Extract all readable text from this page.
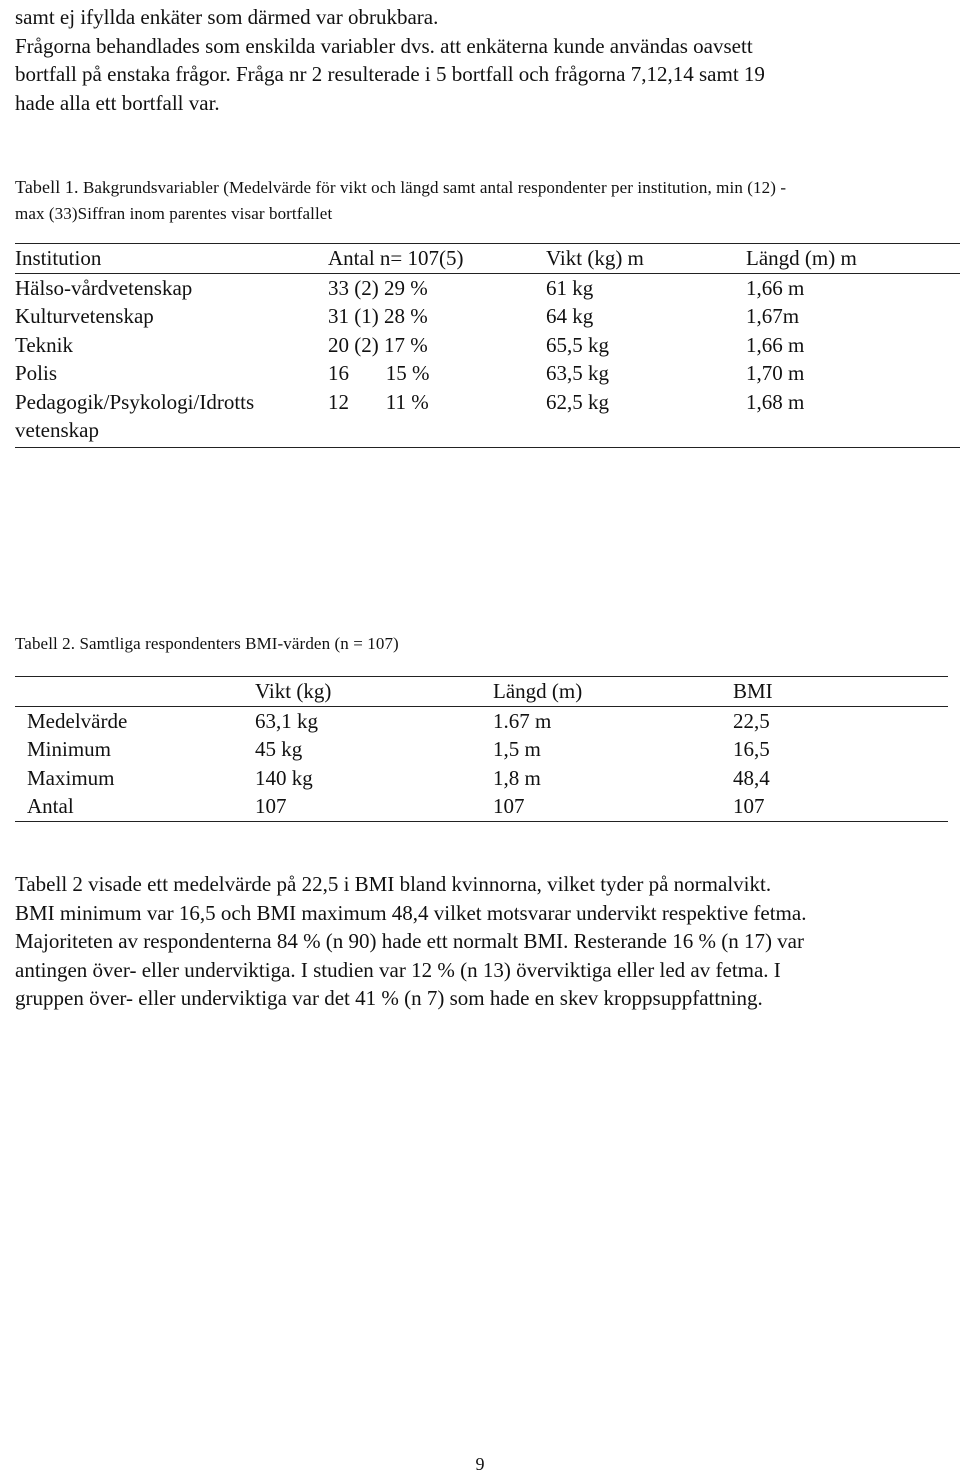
samt ej ifyllda enkäter som därmed var obrukbara.
Frågorna behandlades som enskilda variabler dvs. att enkäterna kunde användas oavsett
bortfall på enstaka frågor. Fråga nr 2 resulterade i 5 bortfall och frågorna 7,12,14 samt 19
hade alla ett bortfall var.
Tabell 1. Bakgrundsvariabler (Medelvärde för vikt och längd samt antal respondenter per institution, min (12) -
max (33)Siffran inom parentes visar bortfallet
Institution	Antal n= 107(5)	Vikt (kg) m	Längd (m) m
Hälso-vårdvetenskap	33 (2) 29 %	61 kg	1,66 m
Kulturvetenskap	31 (1) 28 %	64 kg	1,67m
Teknik	20 (2) 17 %	65,5 kg	1,66 m
Polis	16       15 %	63,5 kg	1,70 m
Pedagogik/Psykologi/Idrotts vetenskap	12       11 %	62,5 kg	1,68 m
Tabell 2. Samtliga respondenters BMI-värden (n = 107)
	Vikt (kg)	Längd (m)	BMI
Medelvärde	63,1 kg	1.67 m	22,5
Minimum	45 kg	1,5 m	16,5
Maximum	140 kg	1,8 m	48,4
Antal	107	107	107
Tabell 2 visade ett medelvärde på 22,5 i BMI bland kvinnorna, vilket tyder på normalvikt.
BMI minimum var 16,5 och BMI maximum 48,4 vilket motsvarar undervikt respektive fetma.
Majoriteten av respondenterna 84 % (n 90) hade ett normalt BMI. Resterande 16 % (n 17) var
antingen över- eller underviktiga. I studien var 12 % (n 13) överviktiga eller led av fetma. I
gruppen över- eller underviktiga var det 41 % (n 7) som hade en skev kroppsuppfattning.
9
